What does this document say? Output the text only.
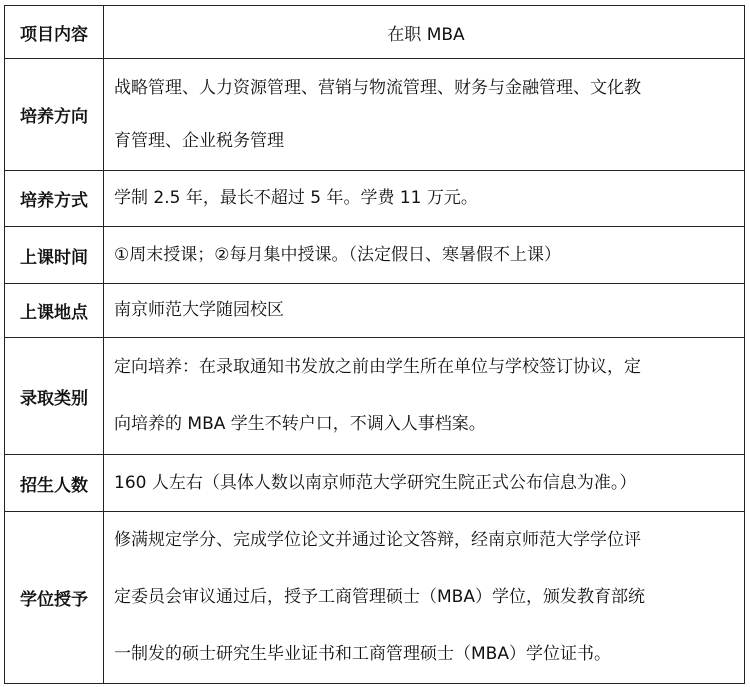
项目内容	在职 MBA
培养方向	战略管理、人力资源管理、营销与物流管理、财务与金融管理、文化教
育管理、企业税务管理

培养方式	学制 2.5 年，最长不超过 5 年。学费 11 万元。

上课时间	①周末授课；②每月集中授课。（法定假日、寒暑假不上课）

上课地点	南京师范大学随园校区

录取类别	定向培养：在录取通知书发放之前由学生所在单位与学校签订协议，定
向培养的 MBA 学生不转户口，不调入人事档案。

招生人数	160 人左右（具体人数以南京师范大学研究生院正式公布信息为准。）

学位授予	修满规定学分、完成学位论文并通过论文答辩，经南京师范大学学位评
定委员会审议通过后，授予工商管理硕士（MBA）学位，颁发教育部统
一制发的硕士研究生毕业证书和工商管理硕士（MBA）学位证书。
